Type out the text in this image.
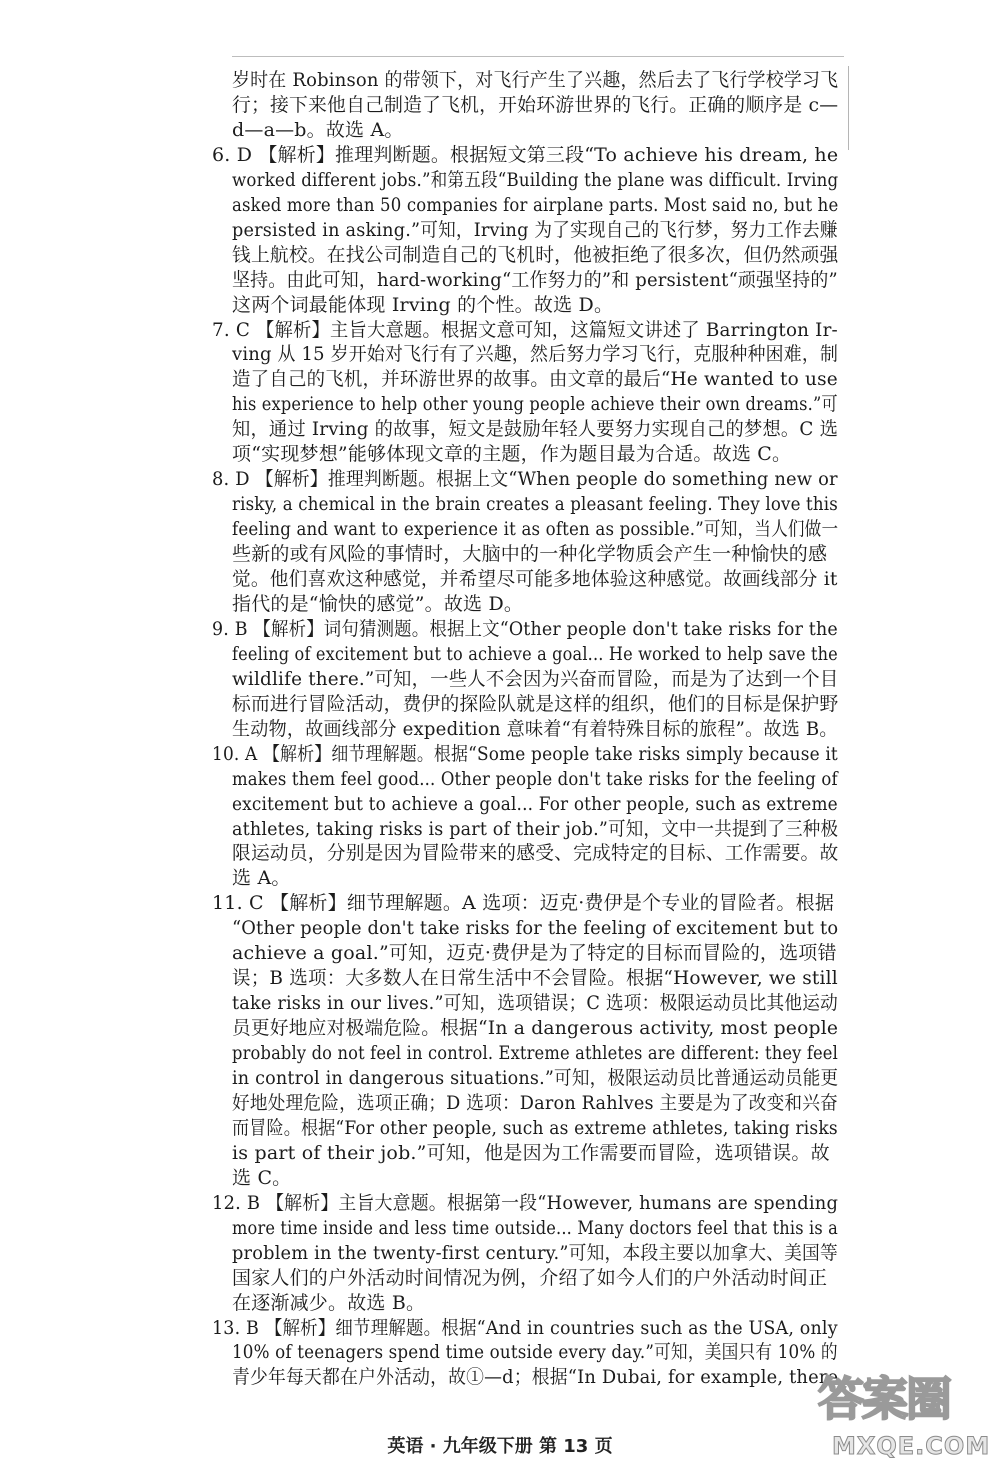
岁时在 Robinson 的带领下，对飞行产生了兴趣，然后去了飞行学校学习飞
行；接下来他自己制造了飞机，开始环游世界的飞行。正确的顺序是 c—
d—a—b。故选 A。
6. D 【解析】推理判断题。根据短文第三段“To achieve his dream, he
worked different jobs.”和第五段“Building the plane was difficult. Irving
asked more than 50 companies for airplane parts. Most said no, but he
persisted in asking.”可知，Irving 为了实现自己的飞行梦，努力工作去赚
钱上航校。在找公司制造自己的飞机时，他被拒绝了很多次，但仍然顽强
坚持。由此可知，hard-working“工作努力的”和 persistent“顽强坚持的”
这两个词最能体现 Irving 的个性。故选 D。
7. C 【解析】主旨大意题。根据文意可知，这篇短文讲述了 Barrington Ir-
ving 从 15 岁开始对飞行有了兴趣，然后努力学习飞行，克服种种困难，制
造了自己的飞机，并环游世界的故事。由文章的最后“He wanted to use
his experience to help other young people achieve their own dreams.”可
知，通过 Irving 的故事，短文是鼓励年轻人要努力实现自己的梦想。C 选
项“实现梦想”能够体现文章的主题，作为题目最为合适。故选 C。
8. D 【解析】推理判断题。根据上文“When people do something new or
risky, a chemical in the brain creates a pleasant feeling. They love this
feeling and want to experience it as often as possible.”可知，当人们做一
些新的或有风险的事情时，大脑中的一种化学物质会产生一种愉快的感
觉。他们喜欢这种感觉，并希望尽可能多地体验这种感觉。故画线部分 it
指代的是“愉快的感觉”。故选 D。
9. B 【解析】词句猜测题。根据上文“Other people don't take risks for the
feeling of excitement but to achieve a goal... He worked to help save the
wildlife there.”可知，一些人不会因为兴奋而冒险，而是为了达到一个目
标而进行冒险活动，费伊的探险队就是这样的组织，他们的目标是保护野
生动物，故画线部分 expedition 意味着“有着特殊目标的旅程”。故选 B。
10. A 【解析】细节理解题。根据“Some people take risks simply because it
makes them feel good... Other people don't take risks for the feeling of
excitement but to achieve a goal... For other people, such as extreme
athletes, taking risks is part of their job.”可知，文中一共提到了三种极
限运动员，分别是因为冒险带来的感受、完成特定的目标、工作需要。故
选 A。
11. C 【解析】细节理解题。A 选项：迈克·费伊是个专业的冒险者。根据
“Other people don't take risks for the feeling of excitement but to
achieve a goal.”可知，迈克·费伊是为了特定的目标而冒险的，选项错
误；B 选项：大多数人在日常生活中不会冒险。根据“However, we still
take risks in our lives.”可知，选项错误；C 选项：极限运动员比其他运动
员更好地应对极端危险。根据“In a dangerous activity, most people
probably do not feel in control. Extreme athletes are different: they feel
in control in dangerous situations.”可知，极限运动员比普通运动员能更
好地处理危险，选项正确；D 选项：Daron Rahlves 主要是为了改变和兴奋
而冒险。根据“For other people, such as extreme athletes, taking risks
is part of their job.”可知，他是因为工作需要而冒险，选项错误。故
选 C。
12. B 【解析】主旨大意题。根据第一段“However, humans are spending
more time inside and less time outside... Many doctors feel that this is a
problem in the twenty-first century.”可知，本段主要以加拿大、美国等
国家人们的户外活动时间情况为例，介绍了如今人们的户外活动时间正
在逐渐减少。故选 B。
13. B 【解析】细节理解题。根据“And in countries such as the USA, only
10% of teenagers spend time outside every day.”可知，美国只有 10% 的
青少年每天都在户外活动，故①—d；根据“In Dubai, for example, there
英语 · 九年级下册 第 13 页
答案圈
MXQE.COM
